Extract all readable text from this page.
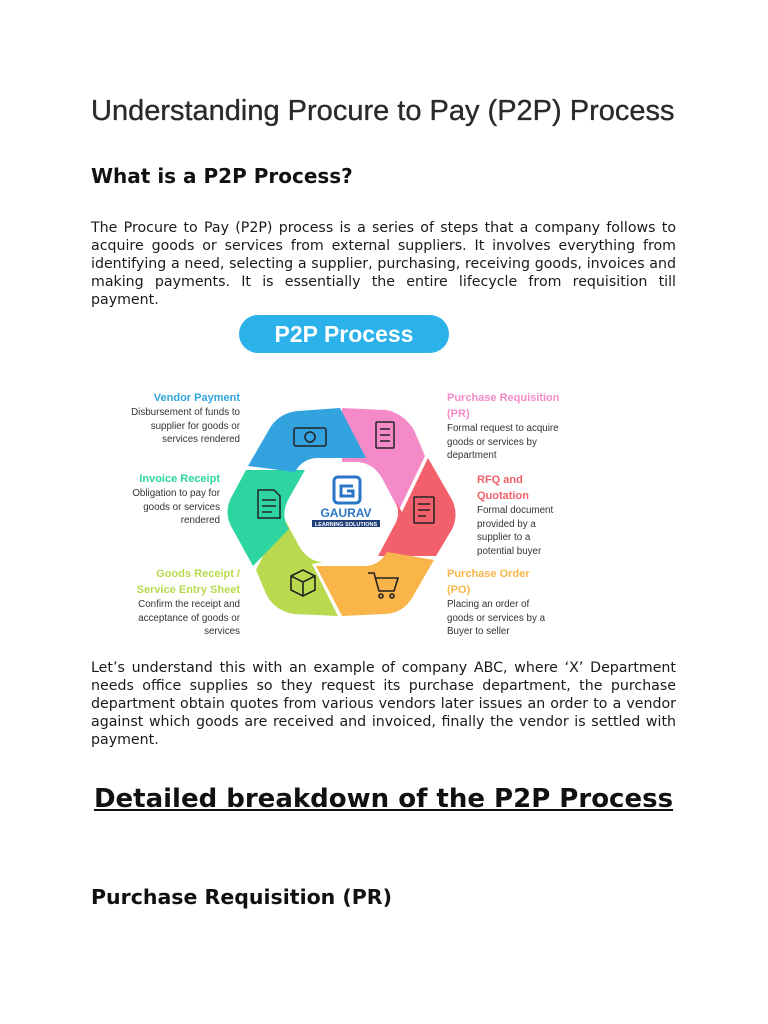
Understanding Procure to Pay (P2P) Process
What is a P2P Process?

The Procure to Pay (P2P) process is a series of steps that a company follows to acquire goods or services from external suppliers. It involves everything from identifying a need, selecting a supplier, purchasing, receiving goods, invoices and making payments. It is essentially the entire lifecycle from requisition till payment.

P2P Process
GAURAV
LEARNING SOLUTIONS
Vendor Payment
Disbursement of funds to supplier for goods or services rendered
Invoice Receipt
Obligation to pay for goods or services rendered
Goods Receipt / Service Entry Sheet
Confirm the receipt and acceptance of goods or services
Purchase Requisition (PR)
Formal request to acquire goods or services by department
RFQ and Quotation
Formal document provided by a supplier to a potential buyer
Purchase Order (PO)
Placing an order of goods or services by a Buyer to seller

Let’s understand this with an example of company ABC, where ‘X’ Department needs office supplies so they request its purchase department, the purchase department obtain quotes from various vendors later issues an order to a vendor against which goods are received and invoiced, finally the vendor is settled with payment.

Detailed breakdown of the P2P Process
Purchase Requisition (PR)
